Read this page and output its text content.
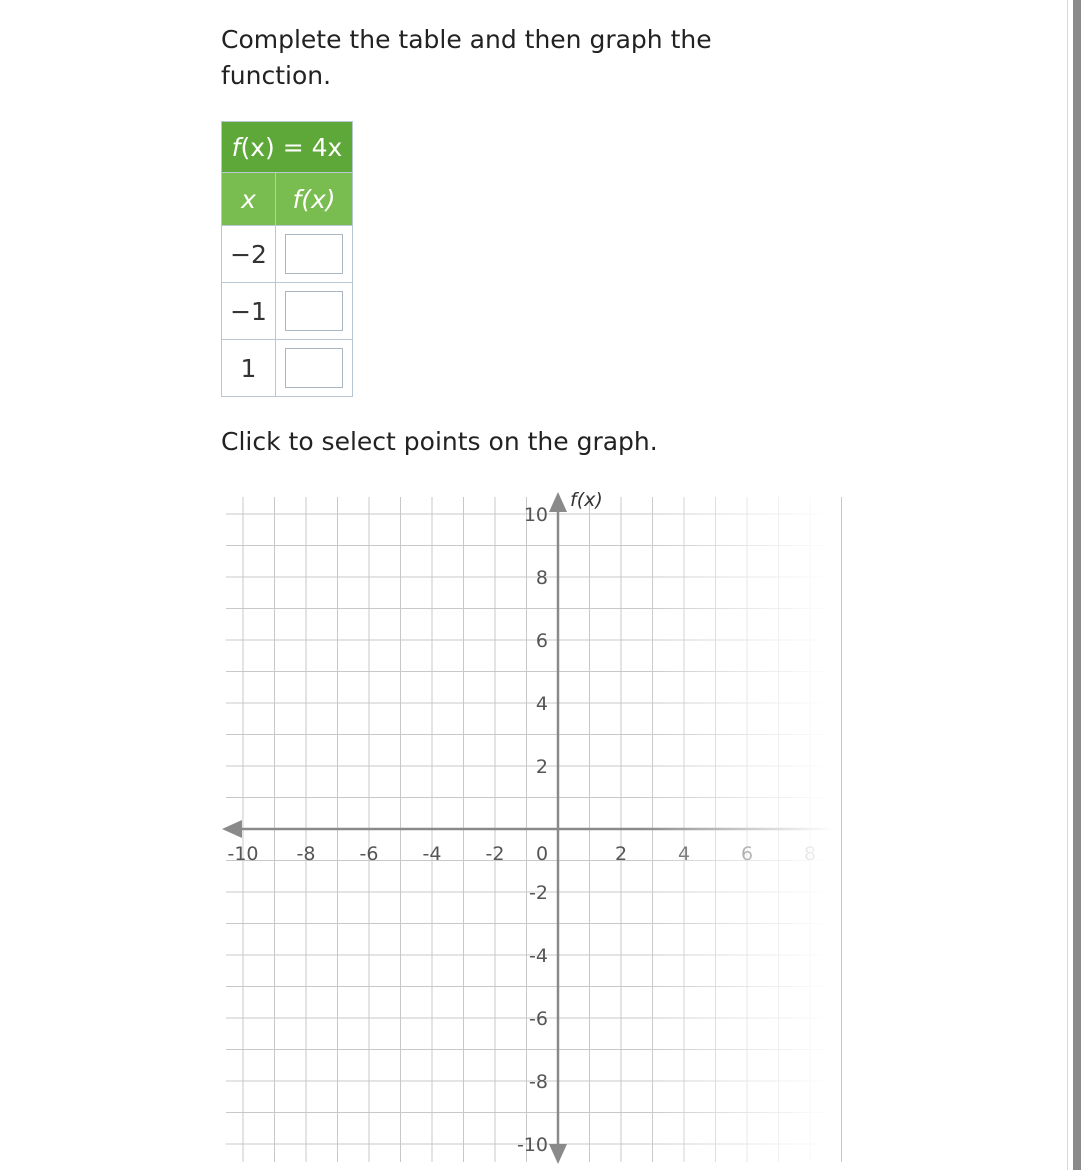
Complete the table and then graph the function.

f(x) = 4x	
x	f(x)
−2	

−1	

1	

Click to select points on the graph.

-10 -8 -6 -4 -2 0	2
10
8
6
4
2
-2
-4
-6
-8
-10
f(x)
